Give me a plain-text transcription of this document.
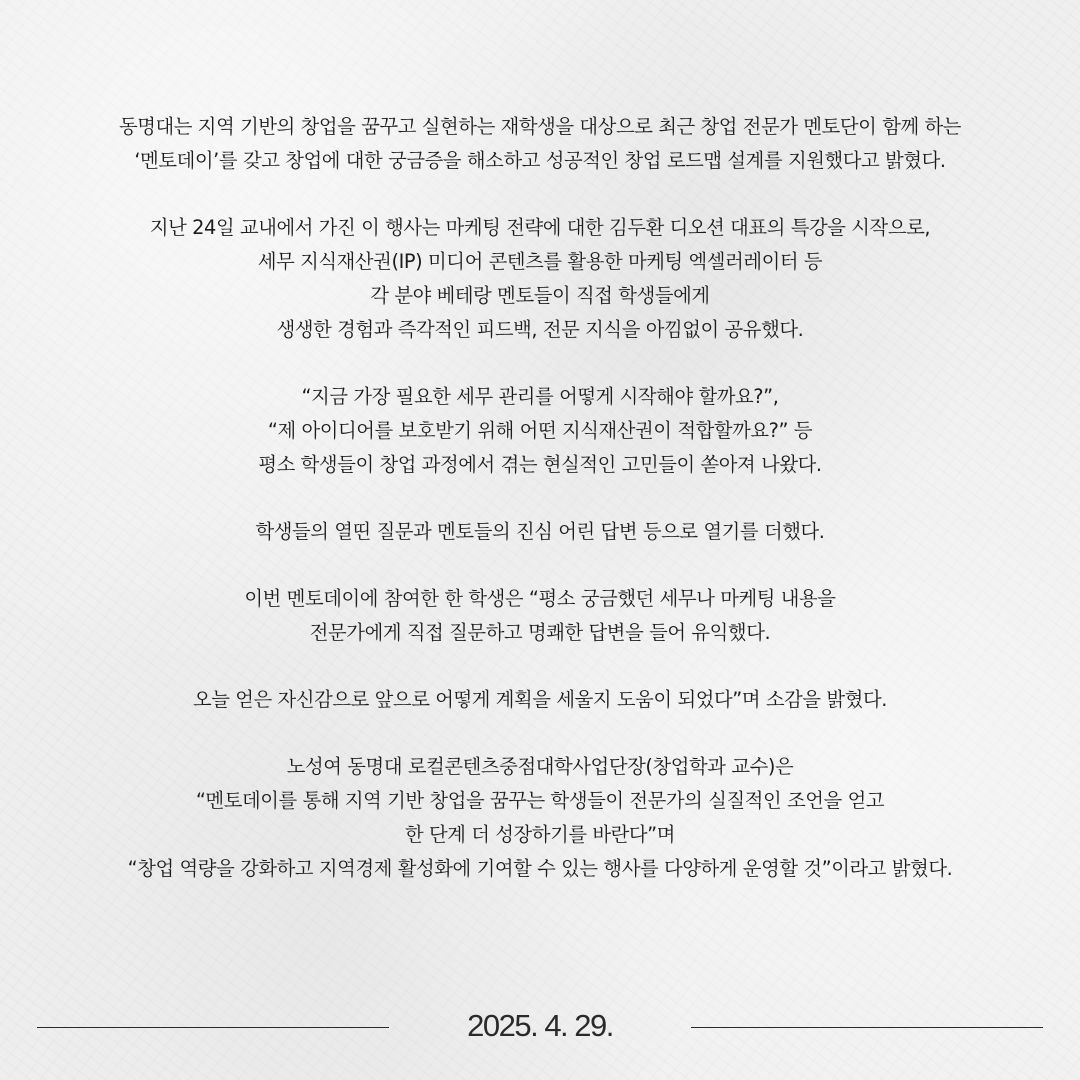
동명대는 지역 기반의 창업을 꿈꾸고 실현하는 재학생을 대상으로 최근 창업 전문가 멘토단이 함께 하는
‘멘토데이’를 갖고 창업에 대한 궁금증을 해소하고 성공적인 창업 로드맵 설계를 지원했다고 밝혔다.
지난 24일 교내에서 가진 이 행사는 마케팅 전략에 대한 김두환 디오션 대표의 특강을 시작으로,
세무 지식재산권(IP) 미디어 콘텐츠를 활용한 마케팅 엑셀러레이터 등
각 분야 베테랑 멘토들이 직접 학생들에게
생생한 경험과 즉각적인 피드백, 전문 지식을 아낌없이 공유했다.
“지금 가장 필요한 세무 관리를 어떻게 시작해야 할까요?”,
“제 아이디어를 보호받기 위해 어떤 지식재산권이 적합할까요?” 등
평소 학생들이 창업 과정에서 겪는 현실적인 고민들이 쏟아져 나왔다.
학생들의 열띤 질문과 멘토들의 진심 어린 답변 등으로 열기를 더했다.
이번 멘토데이에 참여한 한 학생은 “평소 궁금했던 세무나 마케팅 내용을
전문가에게 직접 질문하고 명쾌한 답변을 들어 유익했다.
오늘 얻은 자신감으로 앞으로 어떻게 계획을 세울지 도움이 되었다”며 소감을 밝혔다.
노성여 동명대 로컬콘텐츠중점대학사업단장(창업학과 교수)은
“멘토데이를 통해 지역 기반 창업을 꿈꾸는 학생들이 전문가의 실질적인 조언을 얻고
한 단계 더 성장하기를 바란다”며
“창업 역량을 강화하고 지역경제 활성화에 기여할 수 있는 행사를 다양하게 운영할 것”이라고 밝혔다.
2025. 4. 29.
